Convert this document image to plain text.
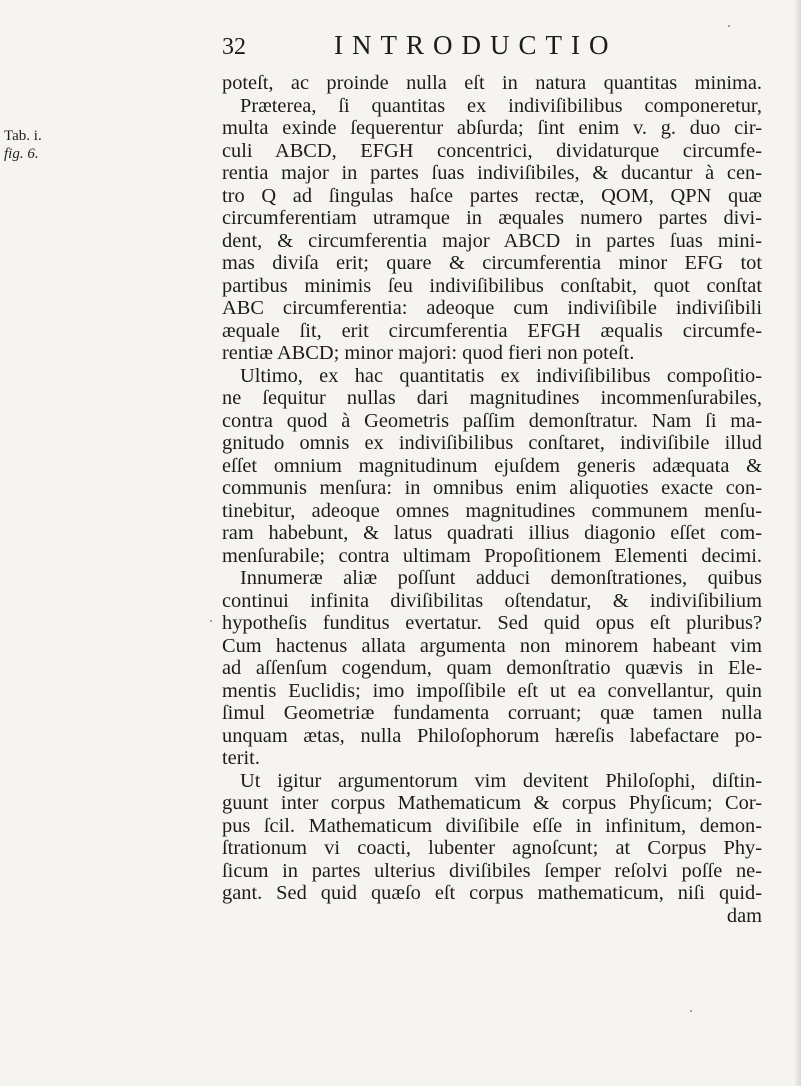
32	INTRODUCTIO
Tab. i.
fig. 6.
poteſt, ac proinde nulla eſt in natura quantitas minima.
Præterea, ſi quantitas ex indiviſibilibus componeretur,
multa exinde ſequerentur abſurda; ſint enim v. g. duo cir-
culi ABCD, EFGH concentrici, dividaturque circumfe-
rentia major in partes ſuas indiviſibiles, & ducantur à cen-
tro Q ad ſingulas haſce partes rectæ, QOM, QPN quæ
circumferentiam utramque in æquales numero partes divi-
dent, & circumferentia major ABCD in partes ſuas mini-
mas diviſa erit; quare & circumferentia minor EFG tot
partibus minimis ſeu indiviſibilibus conſtabit, quot conſtat
ABC circumferentia: adeoque cum indiviſibile indiviſibili
æquale ſit, erit circumferentia EFGH æqualis circumfe-
rentiæ ABCD; minor majori: quod fieri non poteſt.
Ultimo, ex hac quantitatis ex indiviſibilibus compoſitio-
ne ſequitur nullas dari magnitudines incommenſurabiles,
contra quod à Geometris paſſim demonſtratur. Nam ſi ma-
gnitudo omnis ex indiviſibilibus conſtaret, indiviſibile illud
eſſet omnium magnitudinum ejuſdem generis adæquata &
communis menſura: in omnibus enim aliquoties exacte con-
tinebitur, adeoque omnes magnitudines communem menſu-
ram habebunt, & latus quadrati illius diagonio eſſet com-
menſurabile; contra ultimam Propoſitionem Elementi decimi.
Innumeræ aliæ poſſunt adduci demonſtrationes, quibus
continui infinita diviſibilitas oſtendatur, & indiviſibilium
hypotheſis funditus evertatur. Sed quid opus eſt pluribus?
Cum hactenus allata argumenta non minorem habeant vim
ad aſſenſum cogendum, quam demonſtratio quævis in Ele-
mentis Euclidis; imo impoſſibile eſt ut ea convellantur, quin
ſimul Geometriæ fundamenta corruant; quæ tamen nulla
unquam ætas, nulla Philoſophorum hæreſis labefactare po-
terit.
Ut igitur argumentorum vim devitent Philoſophi, diſtin-
guunt inter corpus Mathematicum & corpus Phyſicum; Cor-
pus ſcil. Mathematicum diviſibile eſſe in infinitum, demon-
ſtrationum vi coacti, lubenter agnoſcunt; at Corpus Phy-
ſicum in partes ulterius diviſibiles ſemper reſolvi poſſe ne-
gant. Sed quid quæſo eſt corpus mathematicum, niſi quid-
dam
